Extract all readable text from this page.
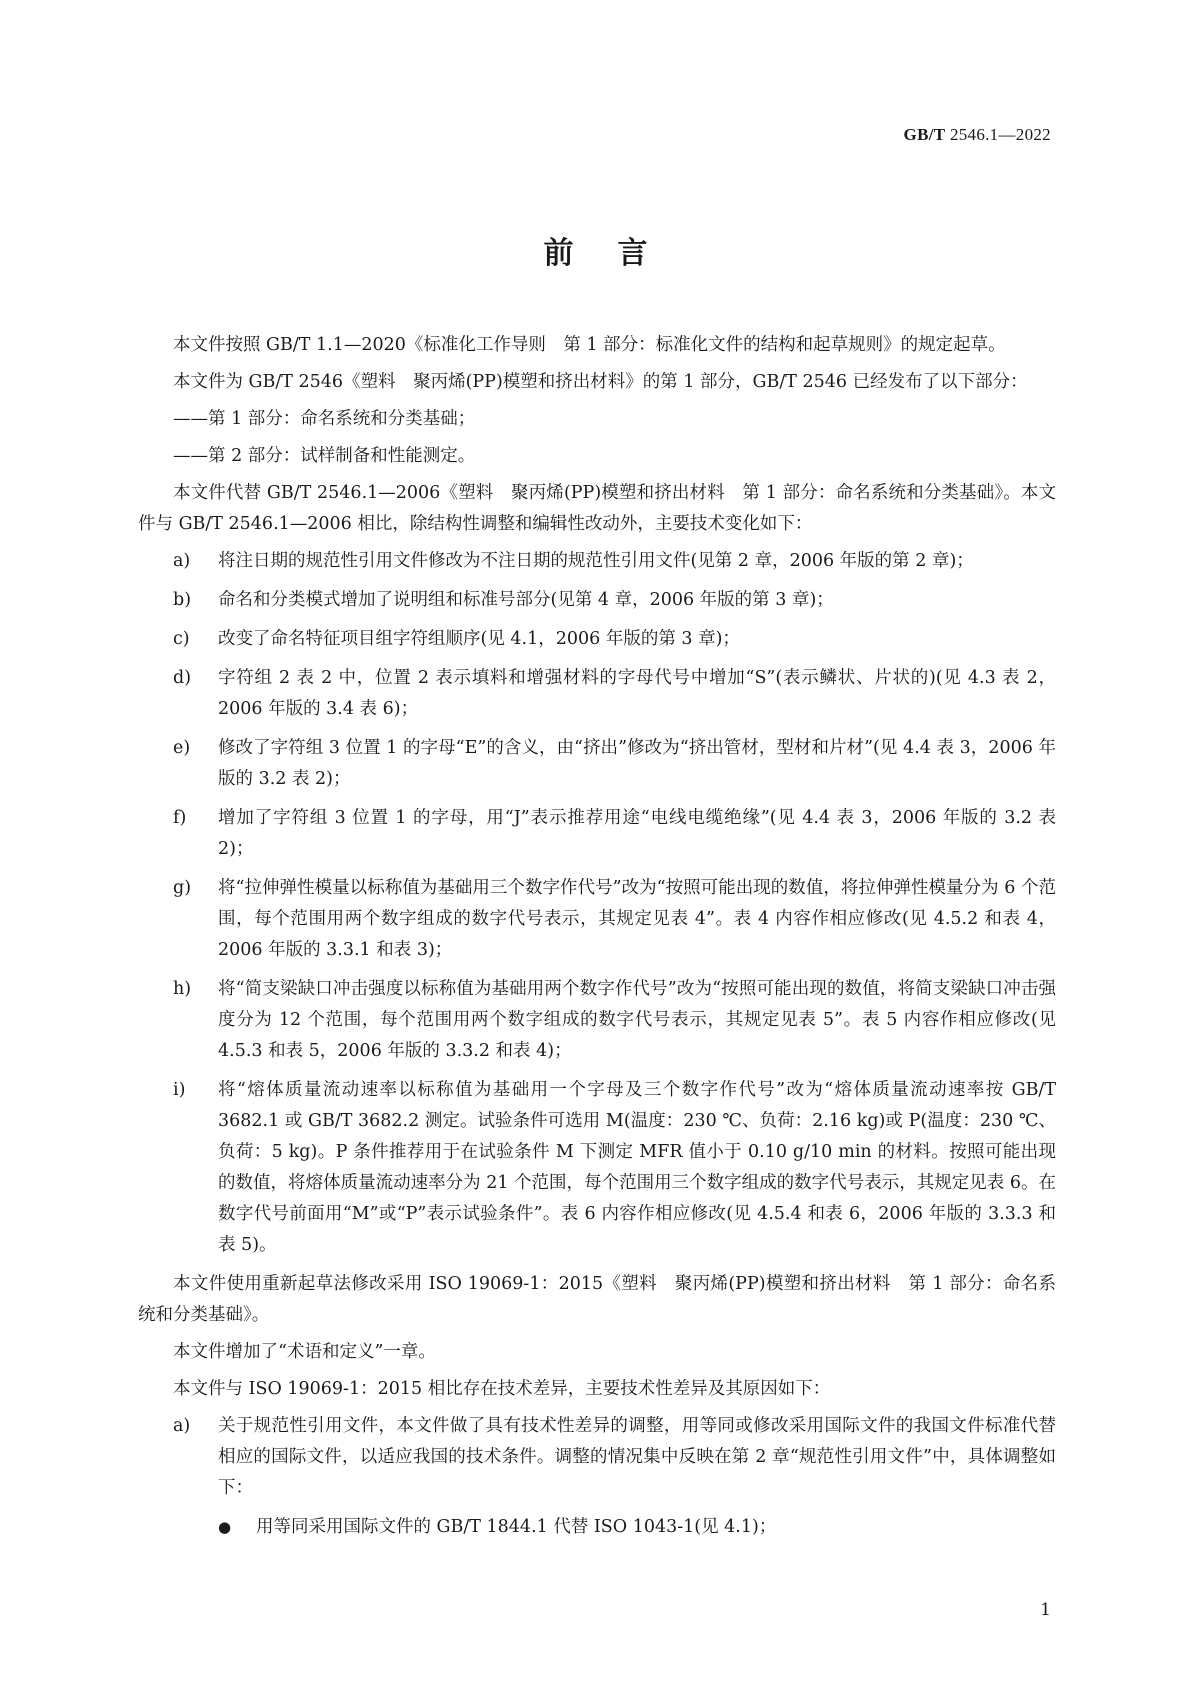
GB/T 2546.1—2022
前言

本文件按照 GB/T 1.1—2020《标准化工作导则　第 1 部分：标准化文件的结构和起草规则》的规定起草。

本文件为 GB/T 2546《塑料　聚丙烯(PP)模塑和挤出材料》的第 1 部分，GB/T 2546 已经发布了以下部分：

——第 1 部分：命名系统和分类基础；
——第 2 部分：试样制备和性能测定。

本文件代替 GB/T 2546.1—2006《塑料　聚丙烯(PP)模塑和挤出材料　第 1 部分：命名系统和分类基础》。本文件与 GB/T 2546.1—2006 相比，除结构性调整和编辑性改动外，主要技术变化如下：

a) 将注日期的规范性引用文件修改为不注日期的规范性引用文件(见第 2 章，2006 年版的第 2 章)；
b) 命名和分类模式增加了说明组和标准号部分(见第 4 章，2006 年版的第 3 章)；
c) 改变了命名特征项目组字符组顺序(见 4.1，2006 年版的第 3 章)；
d) 字符组 2 表 2 中，位置 2 表示填料和增强材料的字母代号中增加“S”(表示鳞状、片状的)(见 4.3 表 2，2006 年版的 3.4 表 6)；
e) 修改了字符组 3 位置 1 的字母“E”的含义，由“挤出”修改为“挤出管材，型材和片材”(见 4.4 表 3，2006 年版的 3.2 表 2)；
f) 增加了字符组 3 位置 1 的字母，用“J”表示推荐用途“电线电缆绝缘”(见 4.4 表 3，2006 年版的 3.2 表 2)；
g) 将“拉伸弹性模量以标称值为基础用三个数字作代号”改为“按照可能出现的数值，将拉伸弹性模量分为 6 个范围，每个范围用两个数字组成的数字代号表示，其规定见表 4”。表 4 内容作相应修改(见 4.5.2 和表 4，2006 年版的 3.3.1 和表 3)；
h) 将“简支梁缺口冲击强度以标称值为基础用两个数字作代号”改为“按照可能出现的数值，将简支梁缺口冲击强度分为 12 个范围，每个范围用两个数字组成的数字代号表示，其规定见表 5”。表 5 内容作相应修改(见 4.5.3 和表 5，2006 年版的 3.3.2 和表 4)；
i) 将“熔体质量流动速率以标称值为基础用一个字母及三个数字作代号”改为“熔体质量流动速率按 GB/T 3682.1 或 GB/T 3682.2 测定。试验条件可选用 M(温度：230 ℃、负荷：2.16 kg)或 P(温度：230 ℃、负荷：5 kg)。P 条件推荐用于在试验条件 M 下测定 MFR 值小于 0.10 g/10 min 的材料。按照可能出现的数值，将熔体质量流动速率分为 21 个范围，每个范围用三个数字组成的数字代号表示，其规定见表 6。在数字代号前面用“M”或“P”表示试验条件”。表 6 内容作相应修改(见 4.5.4 和表 6，2006 年版的 3.3.3 和表 5)。

本文件使用重新起草法修改采用 ISO 19069-1：2015《塑料　聚丙烯(PP)模塑和挤出材料　第 1 部分：命名系统和分类基础》。

本文件增加了“术语和定义”一章。

本文件与 ISO 19069-1：2015 相比存在技术差异，主要技术性差异及其原因如下：

a) 关于规范性引用文件，本文件做了具有技术性差异的调整，用等同或修改采用国际文件的我国文件标准代替相应的国际文件，以适应我国的技术条件。调整的情况集中反映在第 2 章“规范性引用文件”中，具体调整如下：
● 用等同采用国际文件的 GB/T 1844.1 代替 ISO 1043-1(见 4.1)；
1
